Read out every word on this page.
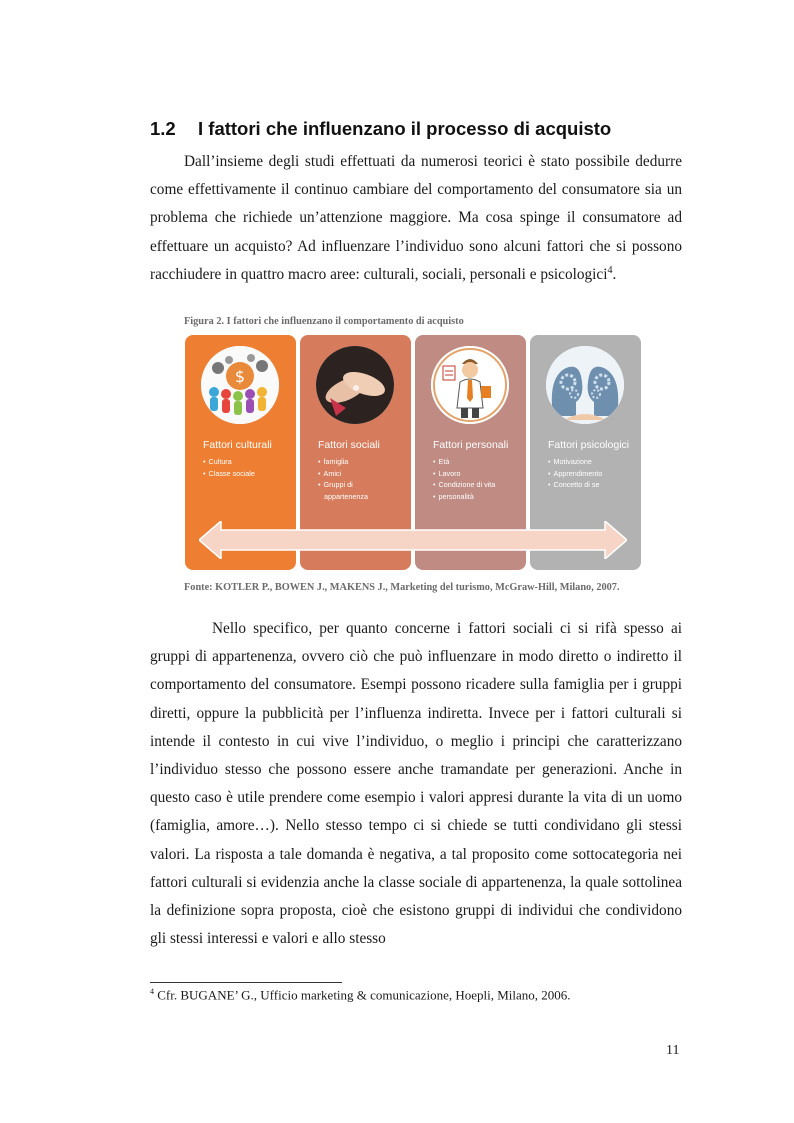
1.2 I fattori che influenzano il processo di acquisto

Dall’insieme degli studi effettuati da numerosi teorici è stato possibile dedurre come effettivamente il continuo cambiare del comportamento del consumatore sia un problema che richiede un’attenzione maggiore. Ma cosa spinge il consumatore ad effettuare un acquisto? Ad influenzare l’individuo sono alcuni fattori che si possono racchiudere in quattro macro aree: culturali, sociali, personali e psicologici$^4$.

Figura 2. I fattori che influenzano il comportamento di acquisto

$
Fattori culturali
• Cultura
• Classe sociale
Fattori sociali
• famiglia
• Amici
• Gruppi di appartenenza
Fattori personali
• Età
• Lavoro
• Condizione di vita
• personalità
Fattori psicologici
• Motivazione
• Apprendimento
• Concetto di se

Fonte: KOTLER P., BOWEN J., MAKENS J., Marketing del turismo, McGraw-Hill, Milano, 2007.

Nello specifico, per quanto concerne i fattori sociali ci si rifà spesso ai gruppi di appartenenza, ovvero ciò che può influenzare in modo diretto o indiretto il comportamento del consumatore. Esempi possono ricadere sulla famiglia per i gruppi diretti, oppure la pubblicità per l’influenza indiretta. Invece per i fattori culturali si intende il contesto in cui vive l’individuo, o meglio i principi che caratterizzano l’individuo stesso che possono essere anche tramandate per generazioni. Anche in questo caso è utile prendere come esempio i valori appresi durante la vita di un uomo (famiglia, amore…). Nello stesso tempo ci si chiede se tutti condividano gli stessi valori. La risposta a tale domanda è negativa, a tal proposito come sottocategoria nei fattori culturali si evidenzia anche la classe sociale di appartenenza, la quale sottolinea la definizione sopra proposta, cioè che esistono gruppi di individui che condividono gli stessi interessi e valori e allo stesso

$^4$ Cfr. BUGANE’ G., Ufficio marketing & comunicazione, Hoepli, Milano, 2006.

11
